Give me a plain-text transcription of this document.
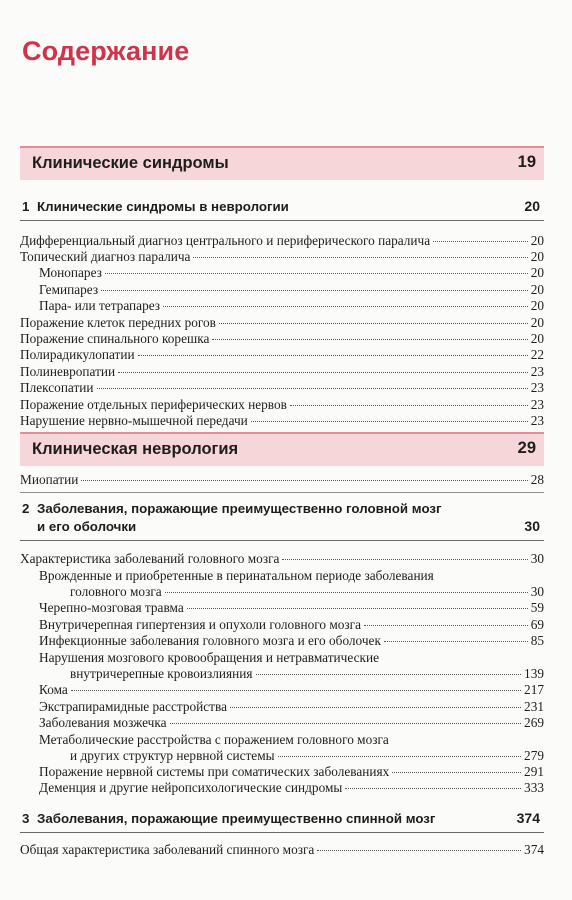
Содержание
Клинические синдромы	19
1 Клинические синдромы в неврологии	20
Дифференциальный диагноз центрального и периферического паралича	20
Топический диагноз паралича	20
Монопарез	20
Гемипарез	20
Пара- или тетрапарез	20
Поражение клеток передних рогов	20
Поражение спинального корешка	20
Полирадикулопатии	22
Полиневропатии	23
Плексопатии	23
Поражение отдельных периферических нервов	23
Нарушение нервно-мышечной передачи	23
Клиническая неврология	29
Миопатии	28
2 Заболевания, поражающие преимущественно головной мозг
и его оболочки	30
Характеристика заболеваний головного мозга	30
Врожденные и приобретенные в перинатальном периоде заболевания
головного мозга	30
Черепно-мозговая травма	59
Внутричерепная гипертензия и опухоли головного мозга	69
Инфекционные заболевания головного мозга и его оболочек	85
Нарушения мозгового кровообращения и нетравматические
внутричерепные кровоизлияния	139
Кома	217
Экстрапирамидные расстройства	231
Заболевания мозжечка	269
Метаболические расстройства с поражением головного мозга
и других структур нервной системы	279
Поражение нервной системы при соматических заболеваниях	291
Деменция и другие нейропсихологические синдромы	333
3 Заболевания, поражающие преимущественно спинной мозг	374
Общая характеристика заболеваний спинного мозга	374
